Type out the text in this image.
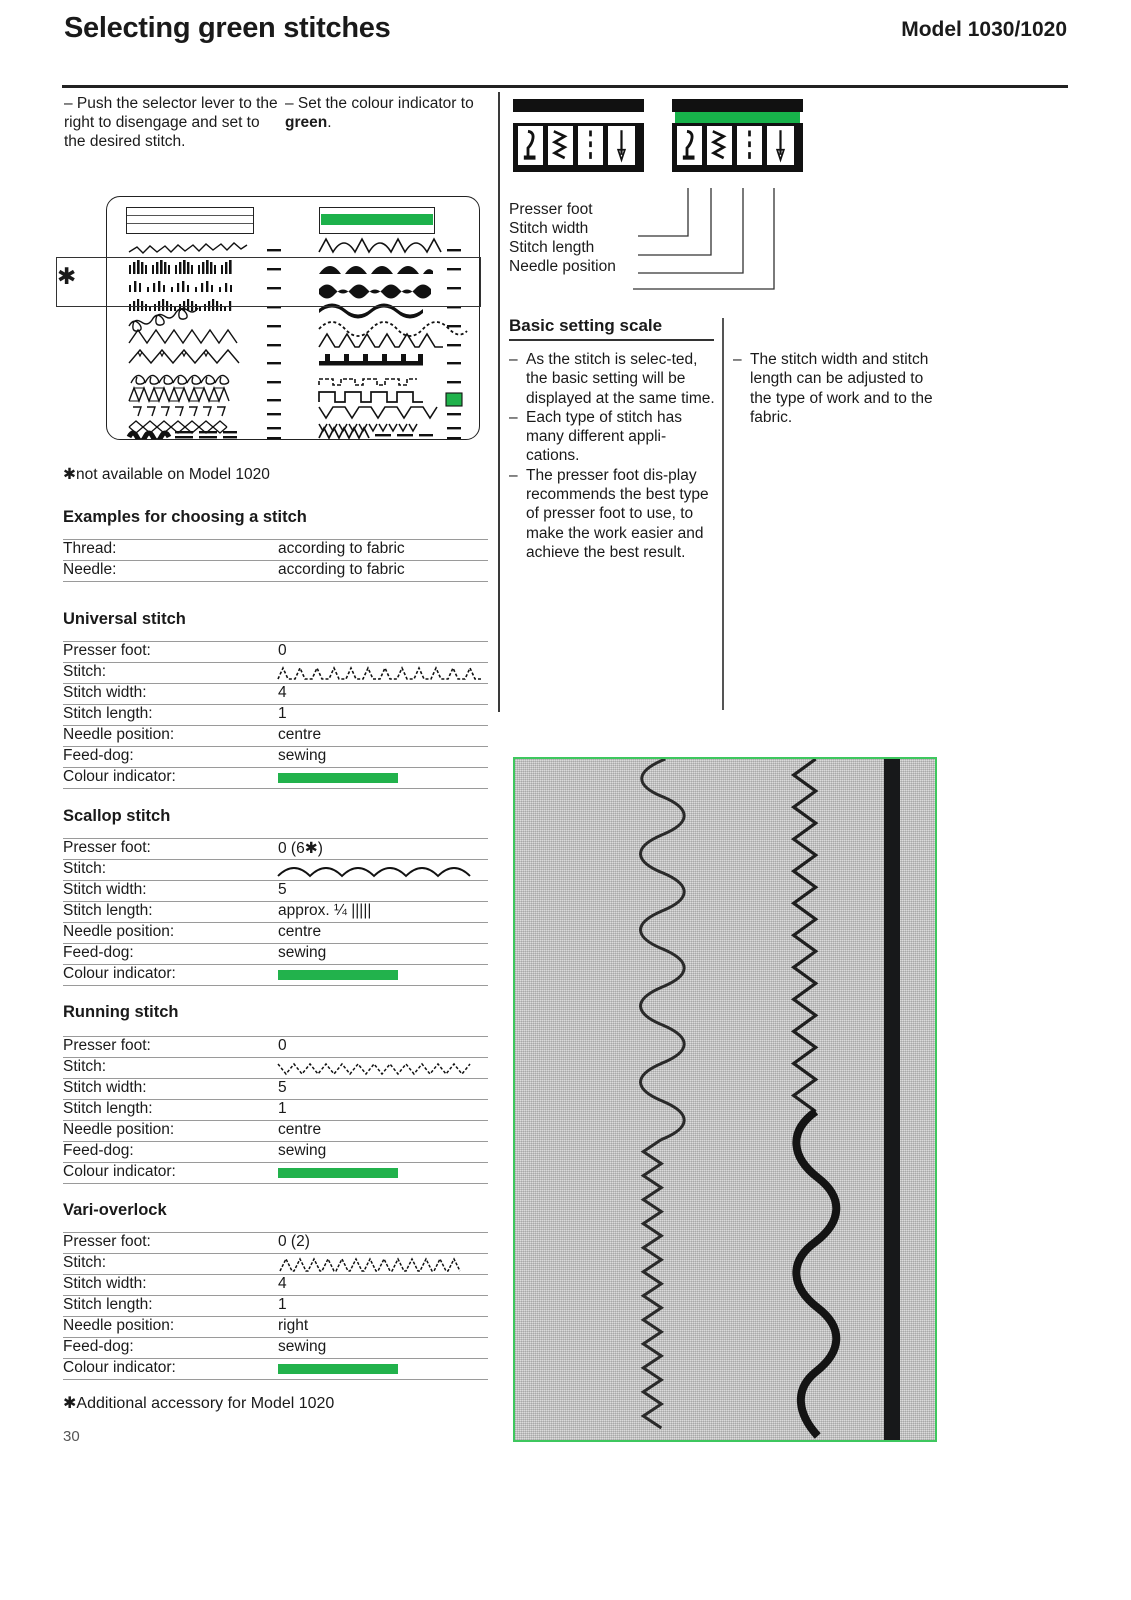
Selecting green stitches	Model 1030/1020
– Push the selector lever to the right to disengage and set to the desired stitch.
– Set the colour indicator to green.
Presser foot
Stitch width
Stitch length
Needle position
Basic setting scale
– As the stitch is selec-ted, the basic setting will be displayed at the same time.
– Each type of stitch has many different appli-cations.
– The presser foot dis-play recommends the best type of presser foot to use, to make the work easier and achieve the best result.
– The stitch width and stitch length can be adjusted to the type of work and to the fabric.
✱
✱not available on Model 1020
Examples for choosing a stitch
Thread:	according to fabric
Needle:	according to fabric
Universal stitch
Presser foot:	0
Stitch:
Stitch width:	4
Stitch length:	1
Needle position:	centre
Feed-dog:	sewing
Colour indicator:
Scallop stitch
Presser foot:	0 (6✱)
Stitch:
Stitch width:	5
Stitch length:	approx. ¼ |||||
Needle position:	centre
Feed-dog:	sewing
Colour indicator:
Running stitch
Presser foot:	0
Stitch:
Stitch width:	5
Stitch length:	1
Needle position:	centre
Feed-dog:	sewing
Colour indicator:
Vari-overlock
Presser foot:	0 (2)
Stitch:
Stitch width:	4
Stitch length:	1
Needle position:	right
Feed-dog:	sewing
Colour indicator:
✱Additional accessory for Model 1020
30
